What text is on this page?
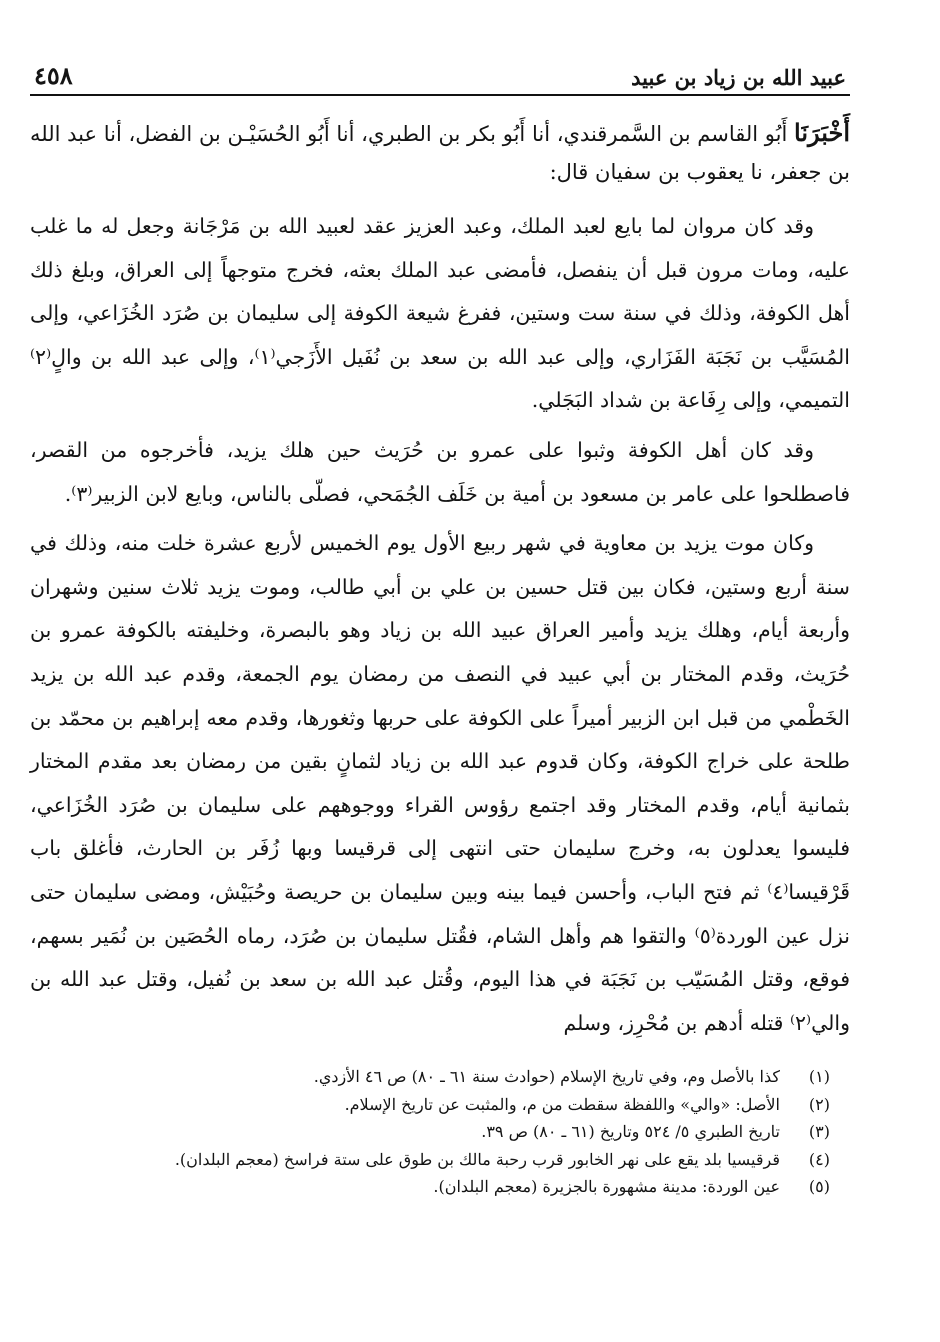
عبيد الله بن زياد بن عبيد
٤٥٨
أَخْبَرَنَا أَبُو القاسم بن السَّمرقندي، أنا أَبُو بكر بن الطبري، أنا أَبُو الحُسَيْـن بن الفضل، أنا عبد الله بن جعفر، نا يعقوب بن سفيان قال:

وقد كان مروان لما بايع لعبد الملك، وعبد العزيز عقد لعبيد الله بن مَرْجَانة وجعل له ما غلب عليه، ومات مرون قبل أن ينفصل، فأمضى عبد الملك بعثه، فخرج متوجهاً إلى العراق، وبلغ ذلك أهل الكوفة، وذلك في سنة ست وستين، ففرغ شيعة الكوفة إلى سليمان بن صُرَد الخُزَاعي، وإلى المُسَيَّب بن نَجَبَة الفَزَاري، وإلى عبد الله بن سعد بن نُفَيل الأَزَجي⁽١⁾، وإلى عبد الله بن والٍ⁽٢⁾ التميمي، وإلى رِفَاعة بن شداد البَجَلي.

وقد كان أهل الكوفة وثبوا على عمرو بن حُرَيث حين هلك يزيد، فأخرجوه من القصر، فاصطلحوا على عامر بن مسعود بن أمية بن خَلَف الجُمَحي، فصلّى بالناس، وبايع لابن الزبير⁽٣⁾.

وكان موت يزيد بن معاوية في شهر ربيع الأول يوم الخميس لأربع عشرة خلت منه، وذلك في سنة أربع وستين، فكان بين قتل حسين بن علي بن أبي طالب، وموت يزيد ثلاث سنين وشهران وأربعة أيام، وهلك يزيد وأمير العراق عبيد الله بن زياد وهو بالبصرة، وخليفته بالكوفة عمرو بن حُرَيث، وقدم المختار بن أبي عبيد في النصف من رمضان يوم الجمعة، وقدم عبد الله بن يزيد الخَطْمي من قبل ابن الزبير أميراً على الكوفة على حربها وثغورها، وقدم معه إبراهيم بن محمّد بن طلحة على خراج الكوفة، وكان قدوم عبد الله بن زياد لثمانٍ بقين من رمضان بعد مقدم المختار بثمانية أيام، وقدم المختار وقد اجتمع رؤوس القراء ووجوههم على سليمان بن صُرَد الخُزَاعي، فليسوا يعدلون به، وخرج سليمان حتى انتهى إلى قرقيسا وبها زُفَر بن الحارث، فأغلق باب قَرْقيسا⁽٤⁾ ثم فتح الباب، وأحسن فيما بينه وبين سليمان بن حريصة وحُبَيْش، ومضى سليمان حتى نزل عين الوردة⁽٥⁾ والتقوا هم وأهل الشام، فقُتل سليمان بن صُرَد، رماه الحُصَين بن نُمَير بسهم، فوقع، وقتل المُسَيّب بن نَجَبَة في هذا اليوم، وقُتل عبد الله بن سعد بن نُفيل، وقتل عبد الله بن والي⁽٢⁾ قتله أدهم بن مُحْرِز، وسلم

(١)
كذا بالأصل وم، وفي تاريخ الإسلام (حوادث سنة ٦١ ـ ٨٠) ص ٤٦ الأزدي.
(٢)
الأصل: «والي» واللفظة سقطت من م، والمثبت عن تاريخ الإسلام.
(٣)
تاريخ الطبري ٥/ ٥٢٤ وتاريخ (٦١ ـ ٨٠) ص ٣٩.
(٤)
قرقيسيا بلد يقع على نهر الخابور قرب رحبة مالك بن طوق على ستة فراسخ (معجم البلدان).
(٥)
عين الوردة: مدينة مشهورة بالجزيرة (معجم البلدان).
